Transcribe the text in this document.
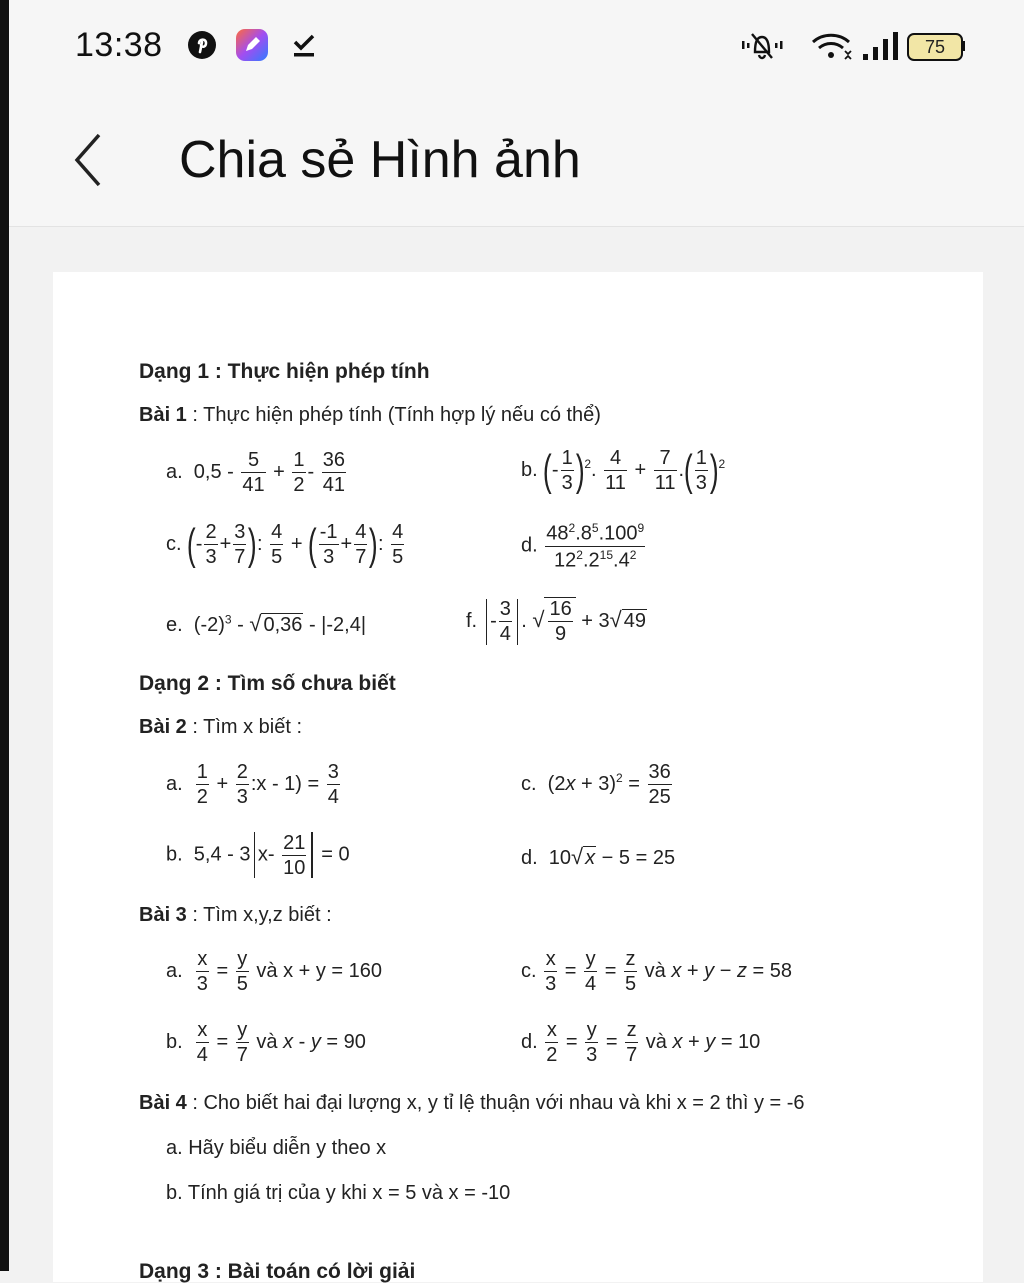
13:38	75
Chia sẻ Hình ảnh
Dạng 1 : Thực hiện phép tính
Bài 1 : Thực hiện phép tính (Tính hợp lý nếu có thể)
a.  $0,5 - \frac{5}{41} + \frac{1}{2} - \frac{36}{41}$	b. (- $\frac{1}{3} )^2$. $\frac{4}{11} + \frac{7}{11}$ .( $\frac{1}{3} )^2$
c. (- $\frac{2}{3} + \frac{3}{7}$ ): $\frac{4}{5}$ + ( $\frac{-1}{3} + \frac{4}{7}$ ): $\frac{4}{5}$	d. $\frac{48^2.8^5.100^9}{12^2.2^{15}.4^2}$
e.  $(-2)^3$ - √ 0,36 - |-2,4|	f. - $\frac{3}{4}$ . √ $\frac{16}{9} + 3√$ 49
Dạng 2 : Tìm số chưa biết
Bài 2 : Tìm x biết :
a. $\frac{1}{2} + \frac{2}{3}$ :x - $1) = \frac{3}{4}$	c.  $(2x + 3)^2 = \frac{36}{25}$
b.  5,4 - 3 $x- \frac{21}{10} = 0$	d.  10√ x − 5 = 25
Bài 3 : Tìm x,y,z biết :
a. $\frac{x}{3} = \frac{y}{5}$ và x + y = 160	c. $\frac{x}{3} = \frac{y}{4} = \frac{z}{5}$ và x + y − z = 58
b. $\frac{x}{4} = \frac{y}{7}$ và x - y = 90	d. $\frac{x}{2} = \frac{y}{3} = \frac{z}{7}$ và x + y = 10
Bài 4 : Cho biết hai đại lượng x, y tỉ lệ thuận với nhau và khi x = 2 thì y = -6
a. Hãy biểu diễn y theo x
b. Tính giá trị của y khi x = 5 và x = -10
Dạng 3 : Bài toán có lời giải
